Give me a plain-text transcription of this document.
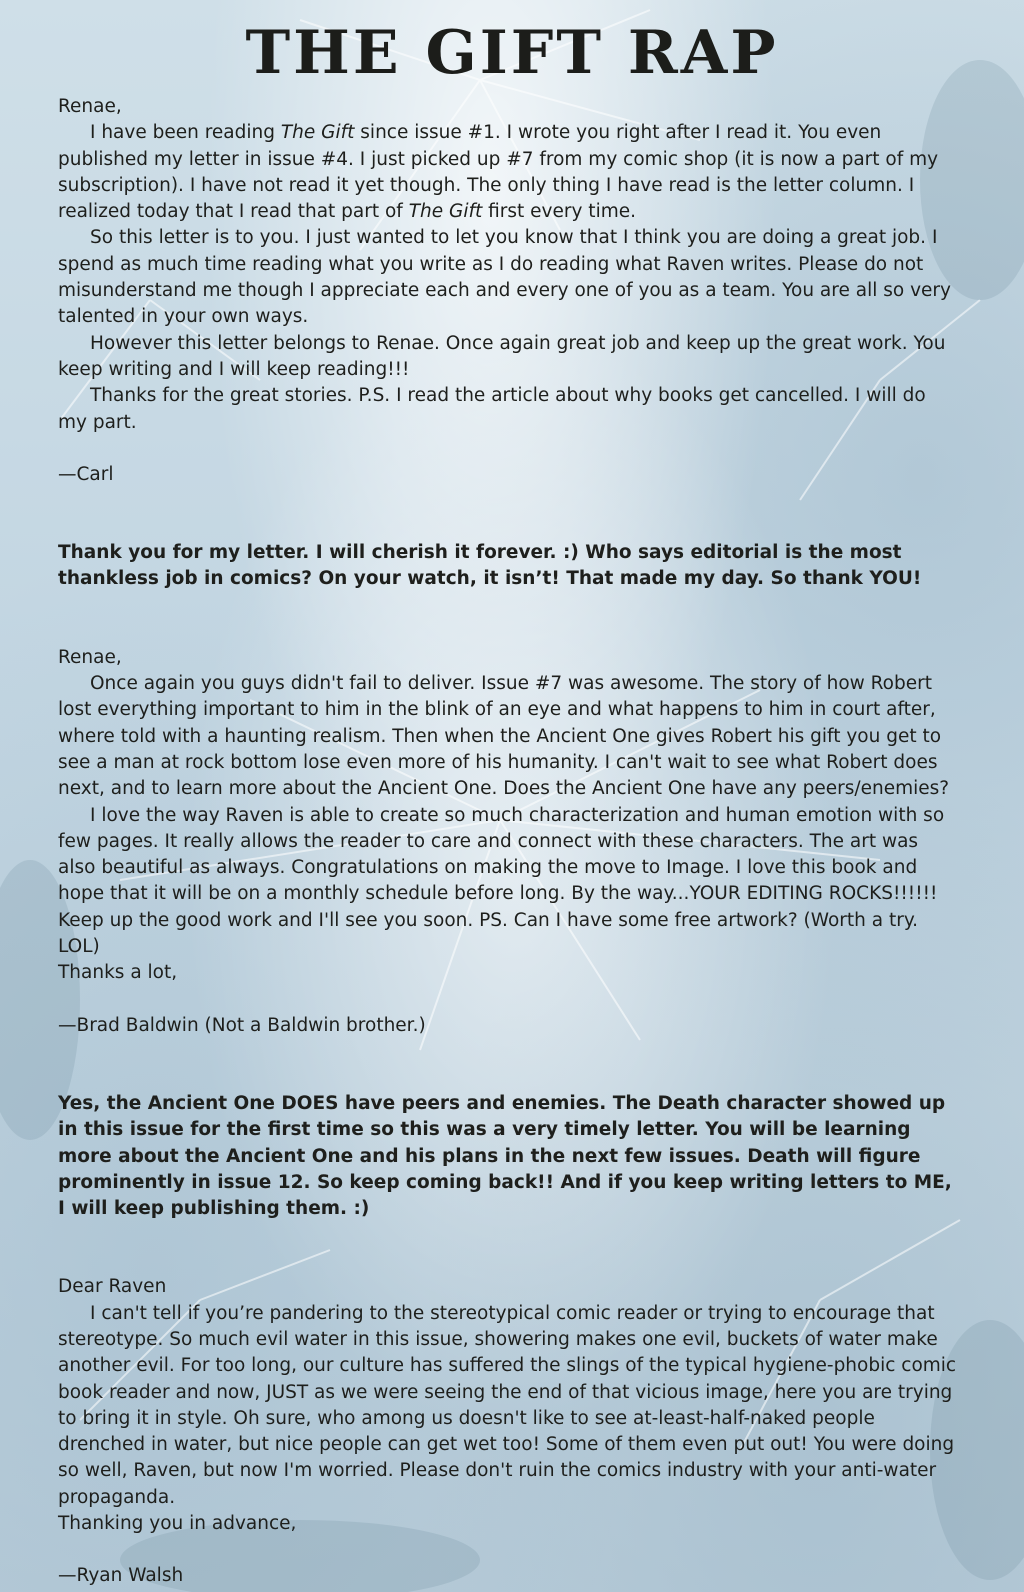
THE GIFT RAP

Renae,

I have been reading The Gift since issue #1. I wrote you right after I read it. You even published my letter in issue #4. I just picked up #7 from my comic shop (it is now a part of my subscription). I have not read it yet though. The only thing I have read is the letter column. I realized today that I read that part of The Gift first every time.

So this letter is to you. I just wanted to let you know that I think you are doing a great job. I spend as much time reading what you write as I do reading what Raven writes. Please do not misunderstand me though I appreciate each and every one of you as a team. You are all so very talented in your own ways.

However this letter belongs to Renae. Once again great job and keep up the great work. You keep writing and I will keep reading!!!

Thanks for the great stories. P.S. I read the article about why books get cancelled. I will do my part.

—Carl

Thank you for my letter. I will cherish it forever. :) Who says editorial is the most thankless job in comics? On your watch, it isn’t! That made my day. So thank YOU!

Renae,

Once again you guys didn't fail to deliver. Issue #7 was awesome. The story of how Robert lost everything important to him in the blink of an eye and what happens to him in court after, where told with a haunting realism. Then when the Ancient One gives Robert his gift you get to see a man at rock bottom lose even more of his humanity. I can't wait to see what Robert does next, and to learn more about the Ancient One. Does the Ancient One have any peers/enemies?

I love the way Raven is able to create so much characterization and human emotion with so few pages. It really allows the reader to care and connect with these characters. The art was also beautiful as always. Congratulations on making the move to Image. I love this book and hope that it will be on a monthly schedule before long. By the way...YOUR EDITING ROCKS!!!!!! Keep up the good work and I'll see you soon. PS. Can I have some free artwork? (Worth a try. LOL)

Thanks a lot,

—Brad Baldwin (Not a Baldwin brother.)

Yes, the Ancient One DOES have peers and enemies. The Death character showed up in this issue for the first time so this was a very timely letter. You will be learning more about the Ancient One and his plans in the next few issues. Death will figure prominently in issue 12. So keep coming back!! And if you keep writing letters to ME, I will keep publishing them. :)

Dear Raven

I can't tell if you’re pandering to the stereotypical comic reader or trying to encourage that stereotype. So much evil water in this issue, showering makes one evil, buckets of water make another evil. For too long, our culture has suffered the slings of the typical hygiene-phobic comic book reader and now, JUST as we were seeing the end of that vicious image, here you are trying to bring it in style. Oh sure, who among us doesn't like to see at-least-half-naked people drenched in water, but nice people can get wet too! Some of them even put out! You were doing so well, Raven, but now I'm worried. Please don't ruin the comics industry with your anti-water propaganda.

Thanking you in advance,

—Ryan Walsh
